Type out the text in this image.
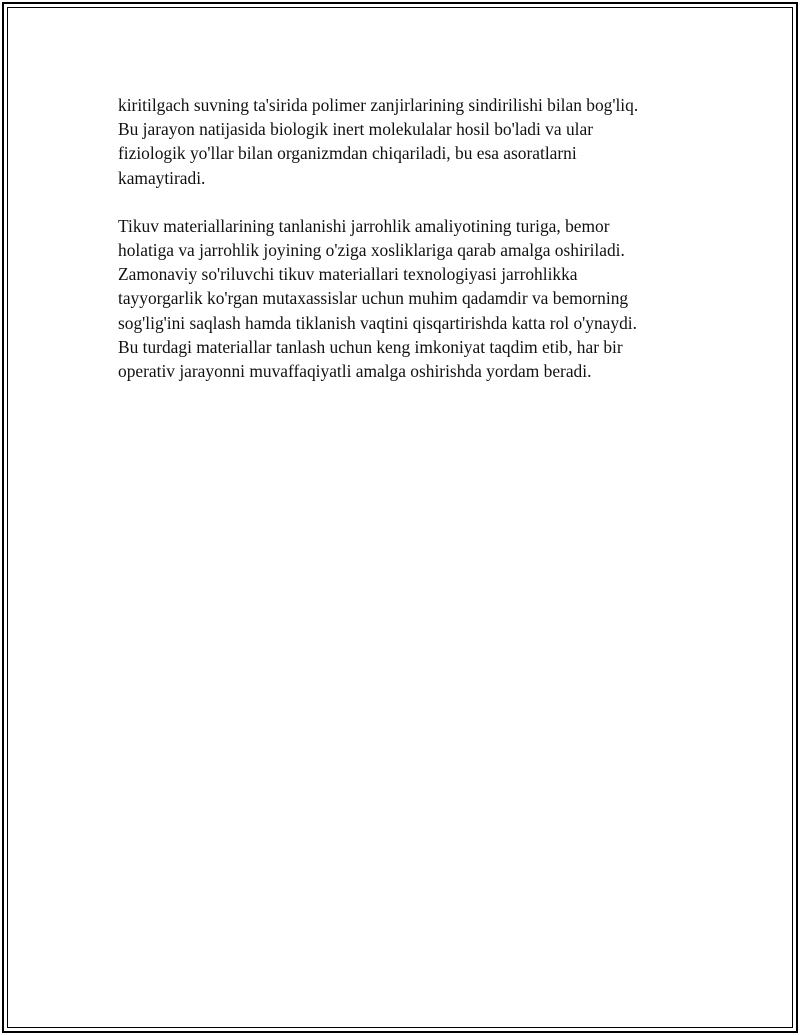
kiritilgach suvning ta'sirida polimer zanjirlarining sindirilishi bilan bog'liq.
Bu jarayon natijasida biologik inert molekulalar hosil bo'ladi va ular
fiziologik yo'llar bilan organizmdan chiqariladi, bu esa asoratlarni
kamaytiradi.

Tikuv materiallarining tanlanishi jarrohlik amaliyotining turiga, bemor
holatiga va jarrohlik joyining o'ziga xosliklariga qarab amalga oshiriladi.
Zamonaviy so'riluvchi tikuv materiallari texnologiyasi jarrohlikka
tayyorgarlik ko'rgan mutaxassislar uchun muhim qadamdir va bemorning
sog'lig'ini saqlash hamda tiklanish vaqtini qisqartirishda katta rol o'ynaydi.
Bu turdagi materiallar tanlash uchun keng imkoniyat taqdim etib, har bir
operativ jarayonni muvaffaqiyatli amalga oshirishda yordam beradi.
